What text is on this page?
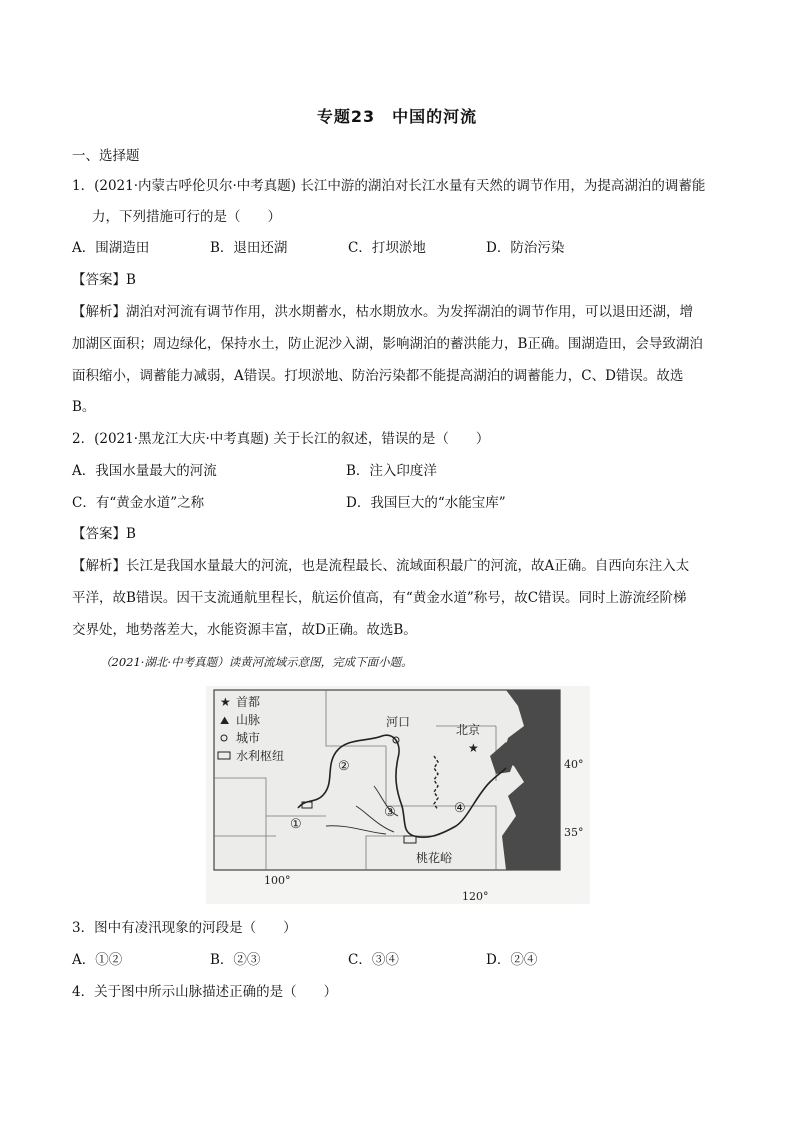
专题23　中国的河流
一、选择题
1．(2021·内蒙古呼伦贝尔·中考真题) 长江中游的湖泊对长江水量有天然的调节作用，为提高湖泊的调蓄能
力，下列措施可行的是（　　）
A．围湖造田	B．退田还湖	C．打坝淤地	D．防治污染
【答案】B
【解析】湖泊对河流有调节作用，洪水期蓄水，枯水期放水。为发挥湖泊的调节作用，可以退田还湖，增
加湖区面积；周边绿化，保持水土，防止泥沙入湖，影响湖泊的蓄洪能力，B正确。围湖造田，会导致湖泊
面积缩小，调蓄能力减弱，A错误。打坝淤地、防治污染都不能提高湖泊的调蓄能力，C、D错误。故选
B。
2．(2021·黑龙江大庆·中考真题) 关于长江的叙述，错误的是（　　）
A．我国水量最大的河流	B．注入印度洋
C．有“黄金水道”之称	D．我国巨大的“水能宝库”
【答案】B
【解析】长江是我国水量最大的河流，也是流程最长、流域面积最广的河流，故A正确。自西向东注入太
平洋，故B错误。因干支流通航里程长，航运价值高，有“黄金水道”称号，故C错误。同时上游流经阶梯
交界处，地势落差大，水能资源丰富，故D正确。故选B。
（2021·湖北·中考真题）读黄河流域示意图，完成下面小题。
★ 首都
⛰ 山脉
城市
水利枢纽
★
河口
北京
桃花峪
①
②
③	④
40°
35°
100°
120°
3．图中有凌汛现象的河段是（　　）
A．①②	B．②③	C．③④	D．②④
4．关于图中所示山脉描述正确的是（　　）
